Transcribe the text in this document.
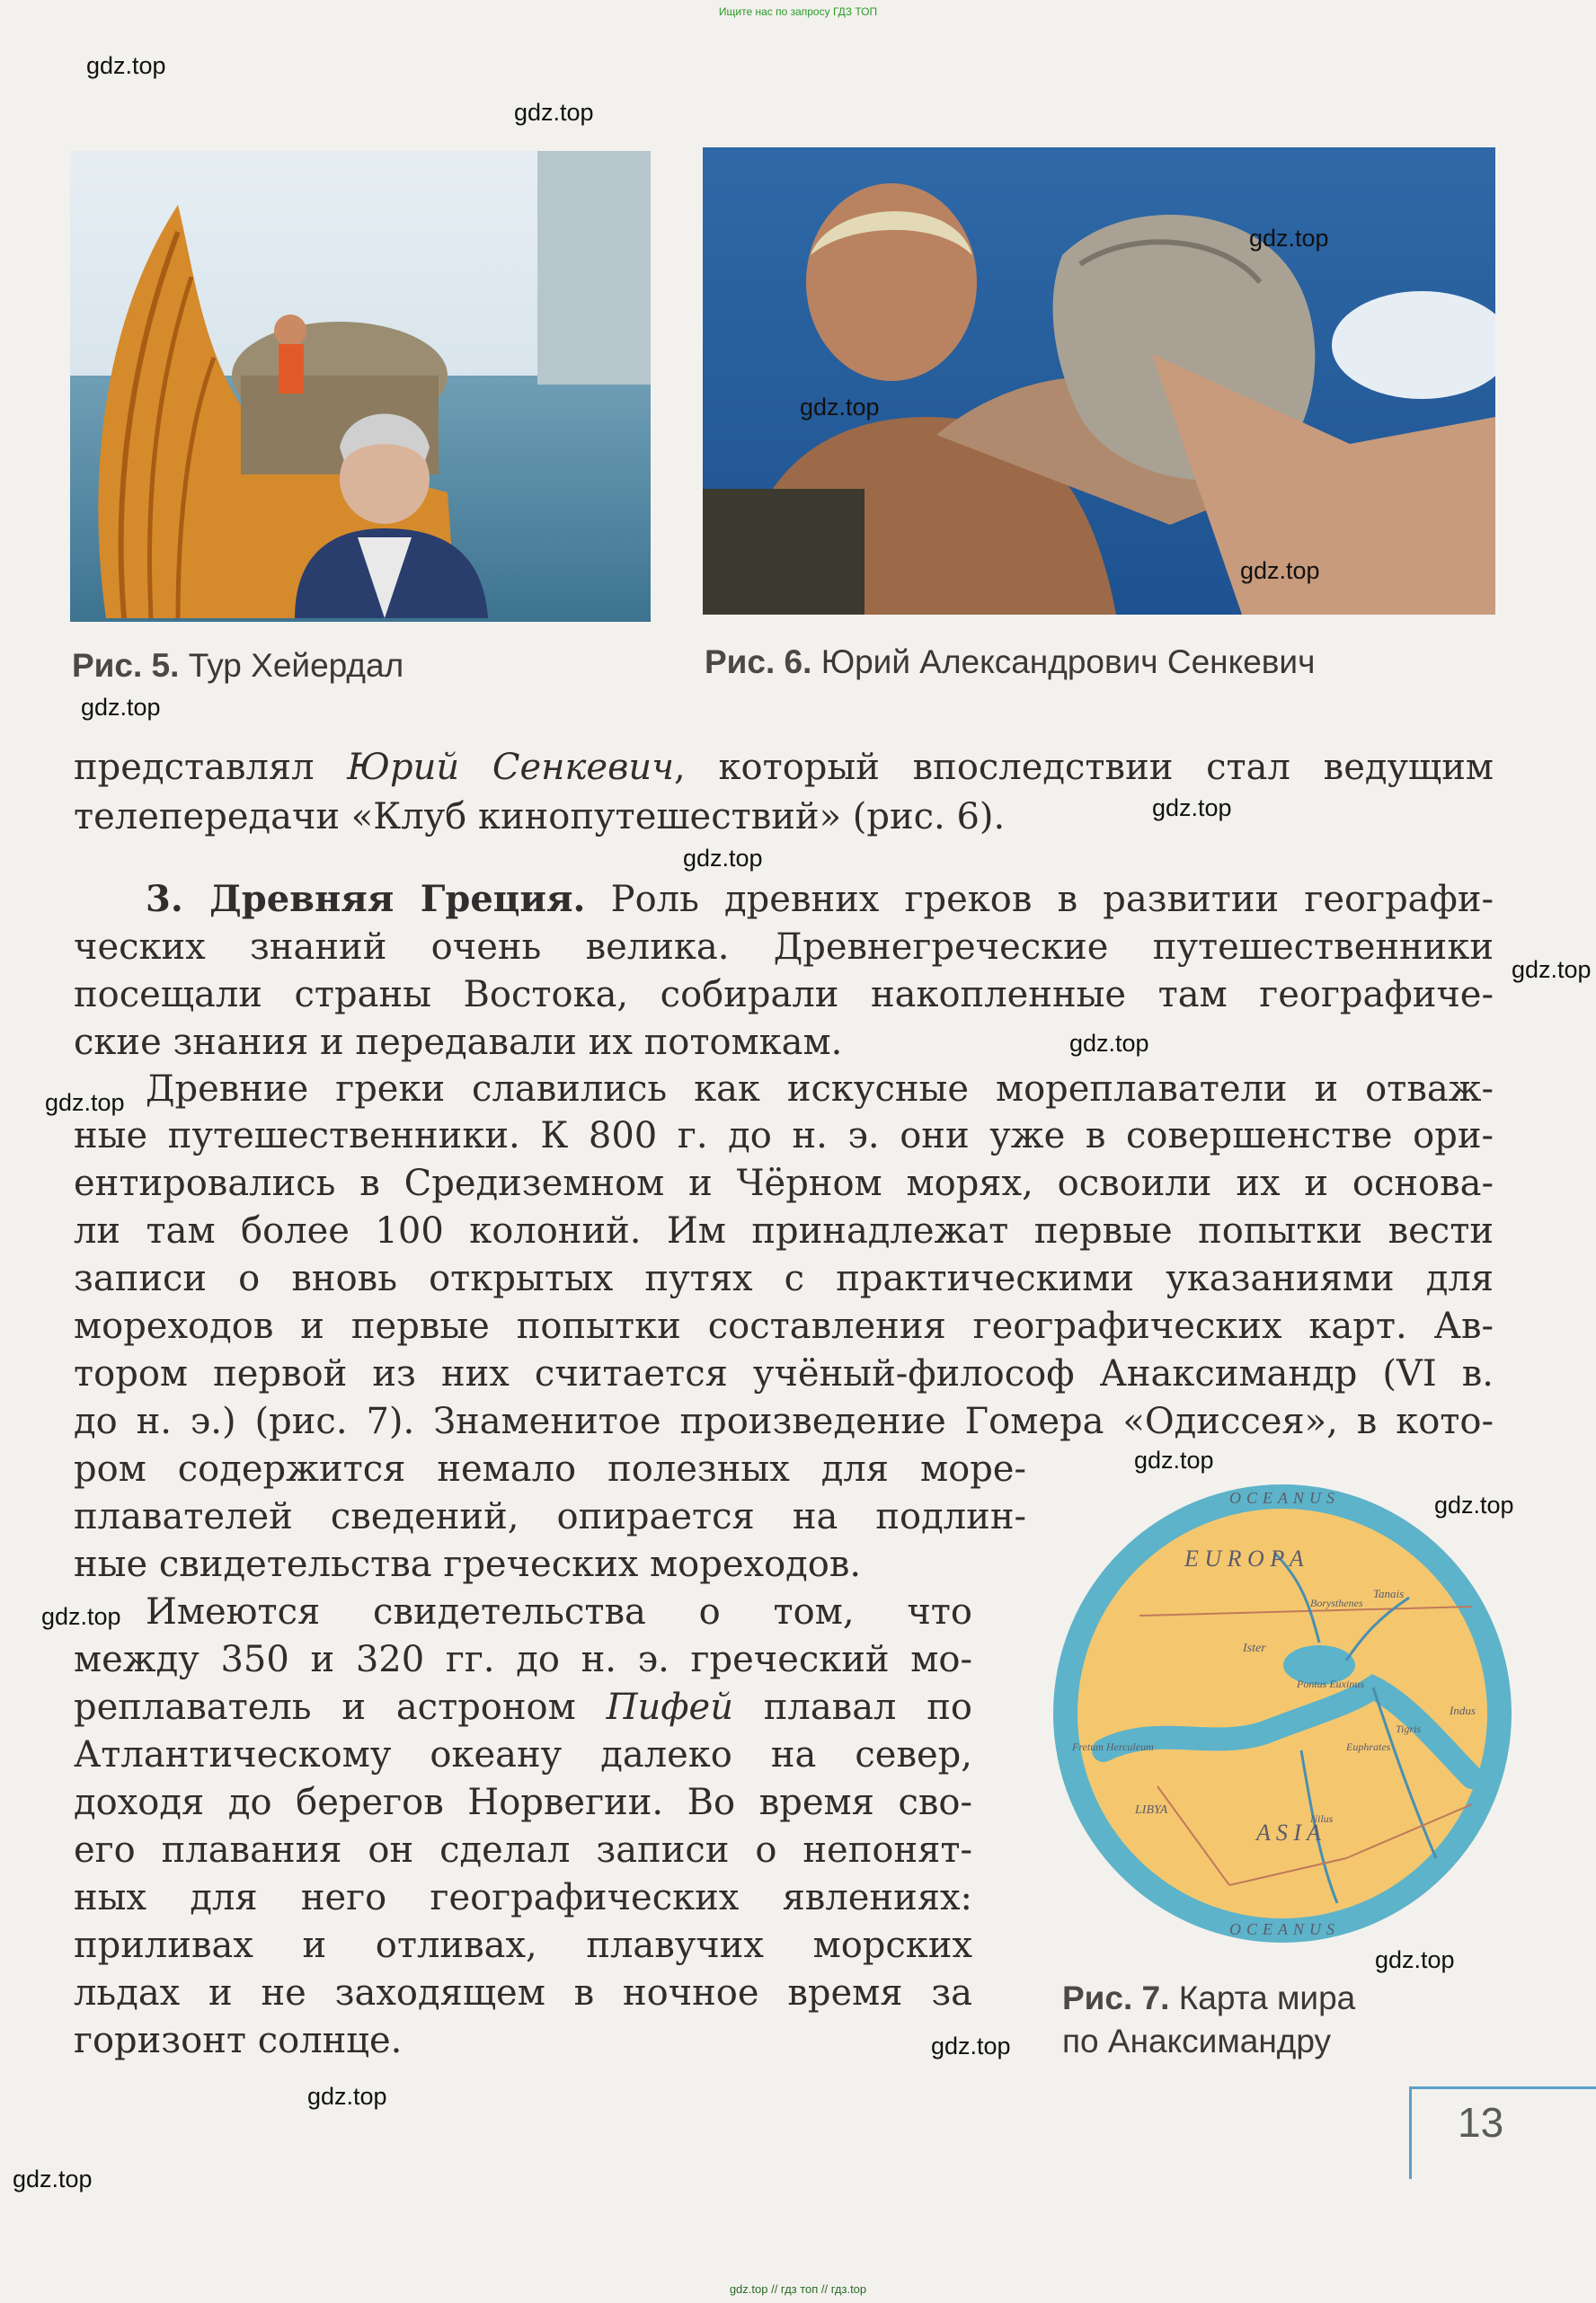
Ищите нас по запросу ГДЗ ТОП
Рис. 5. Тур Хейердал	Рис. 6. Юрий Александрович Сенкевич
представлял Юрий Сенкевич, который впоследствии стал ведущим
телепередачи «Клуб кинопутешествий» (рис. 6).
3. Древняя Греция. Роль древних греков в развитии географи-
ческих знаний очень велика. Древнегреческие путешественники
посещали страны Востока, собирали накопленные там географиче-
ские знания и передавали их потомкам.
Древние греки славились как искусные мореплаватели и отваж-
ные путешественники. К 800 г. до н. э. они уже в совершенстве ори-
ентировались в Средиземном и Чёрном морях, освоили их и основа-
ли там более 100 колоний. Им принадлежат первые попытки вести
записи о вновь открытых путях с практическими указаниями для
мореходов и первые попытки составления географических карт. Ав-
тором первой из них считается учёный-философ Анаксимандр (VI в.
до н. э.) (рис. 7). Знаменитое произведение Гомера «Одиссея», в кото-
ром содержится немало полезных для море-
плавателей сведений, опирается на подлин-
ные свидетельства греческих мореходов.
Имеются свидетельства о том, что
между 350 и 320 гг. до н. э. греческий мо-
реплаватель и астроном Пифей плавал по
Атлантическому океану далеко на север,
доходя до берегов Норвегии. Во время сво-
его плавания он сделал записи о непонят-
ных для него географических явлениях:
приливах и отливах, плавучих морских
льдах и не заходящем в ночное время за
горизонт солнце.
OCEANUS
OCEANUS
E U R O P A
A S I A
LIBYA
Ister
Borysthenes
Tanais
Pontus Euxinus
Fretum Herculeum
Nilus
Euphrates
Tigris
Indus
Рис. 7. Карта мира
по Анаксимандру
13
gdz.top
gdz.top
gdz.top
gdz.top
gdz.top
gdz.top
gdz.top
gdz.top
gdz.top
gdz.top
gdz.top
gdz.top
gdz.top
gdz.top
gdz.top
gdz.top
gdz.top
gdz.top
gdz.top // гдз топ // гдз.top
